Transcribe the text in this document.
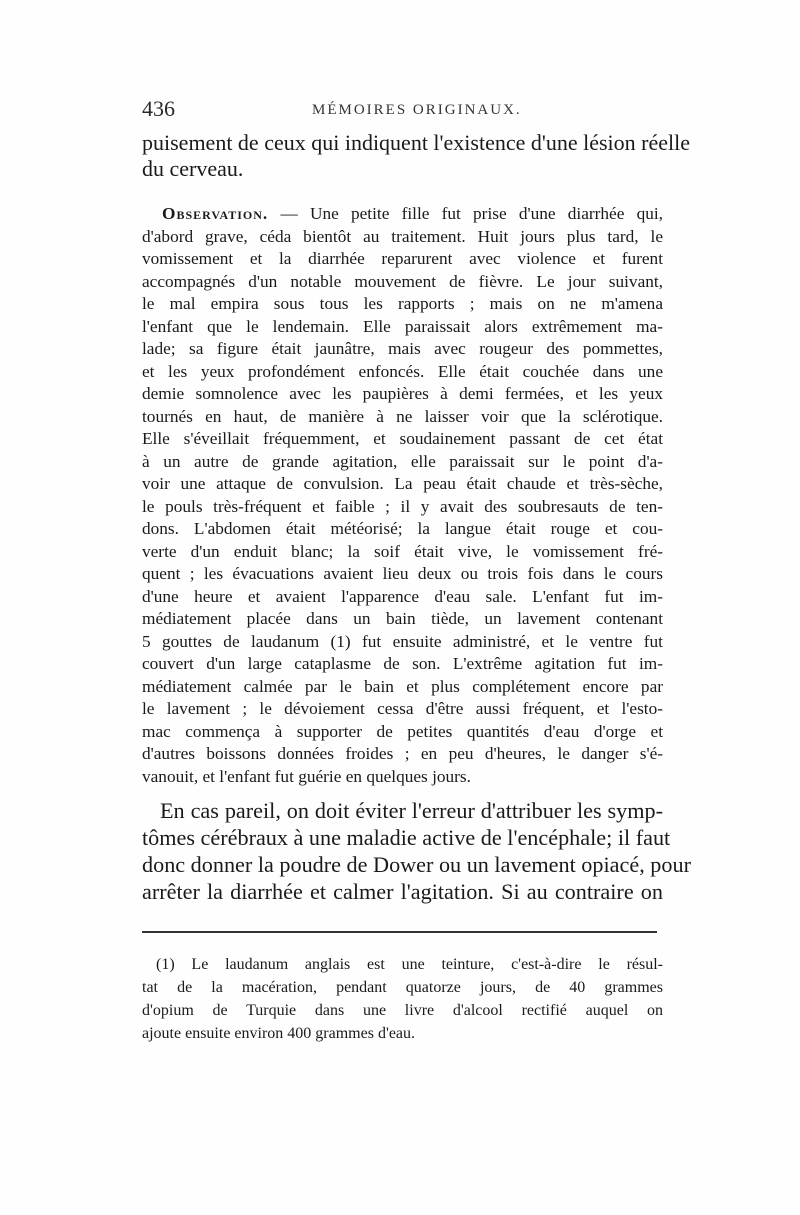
436	MÉMOIRES ORIGINAUX.
puisement de ceux qui indiquent l'existence d'une lésion réelle
du cerveau.
Observation. — Une petite fille fut prise d'une diarrhée qui,
d'abord grave, céda bientôt au traitement. Huit jours plus tard, le
vomissement et la diarrhée reparurent avec violence et furent
accompagnés d'un notable mouvement de fièvre. Le jour suivant,
le mal empira sous tous les rapports ; mais on ne m'amena
l'enfant que le lendemain. Elle paraissait alors extrêmement ma-
lade; sa figure était jaunâtre, mais avec rougeur des pommettes,
et les yeux profondément enfoncés. Elle était couchée dans une
demie somnolence avec les paupières à demi fermées, et les yeux
tournés en haut, de manière à ne laisser voir que la sclérotique.
Elle s'éveillait fréquemment, et soudainement passant de cet état
à un autre de grande agitation, elle paraissait sur le point d'a-
voir une attaque de convulsion. La peau était chaude et très-sèche,
le pouls très-fréquent et faible ; il y avait des soubresauts de ten-
dons. L'abdomen était météorisé; la langue était rouge et cou-
verte d'un enduit blanc; la soif était vive, le vomissement fré-
quent ; les évacuations avaient lieu deux ou trois fois dans le cours
d'une heure et avaient l'apparence d'eau sale. L'enfant fut im-
médiatement placée dans un bain tiède, un lavement contenant
5 gouttes de laudanum (1) fut ensuite administré, et le ventre fut
couvert d'un large cataplasme de son. L'extrême agitation fut im-
médiatement calmée par le bain et plus complétement encore par
le lavement ; le dévoiement cessa d'être aussi fréquent, et l'esto-
mac commença à supporter de petites quantités d'eau d'orge et
d'autres boissons données froides ; en peu d'heures, le danger s'é-
vanouit, et l'enfant fut guérie en quelques jours.
En cas pareil, on doit éviter l'erreur d'attribuer les symp-
tômes cérébraux à une maladie active de l'encéphale; il faut
donc donner la poudre de Dower ou un lavement opiacé, pour
arrêter la diarrhée et calmer l'agitation. Si au contraire on
(1) Le laudanum anglais est une teinture, c'est-à-dire le résul-
tat de la macération, pendant quatorze jours, de 40 grammes
d'opium de Turquie dans une livre d'alcool rectifié auquel on
ajoute ensuite environ 400 grammes d'eau.
